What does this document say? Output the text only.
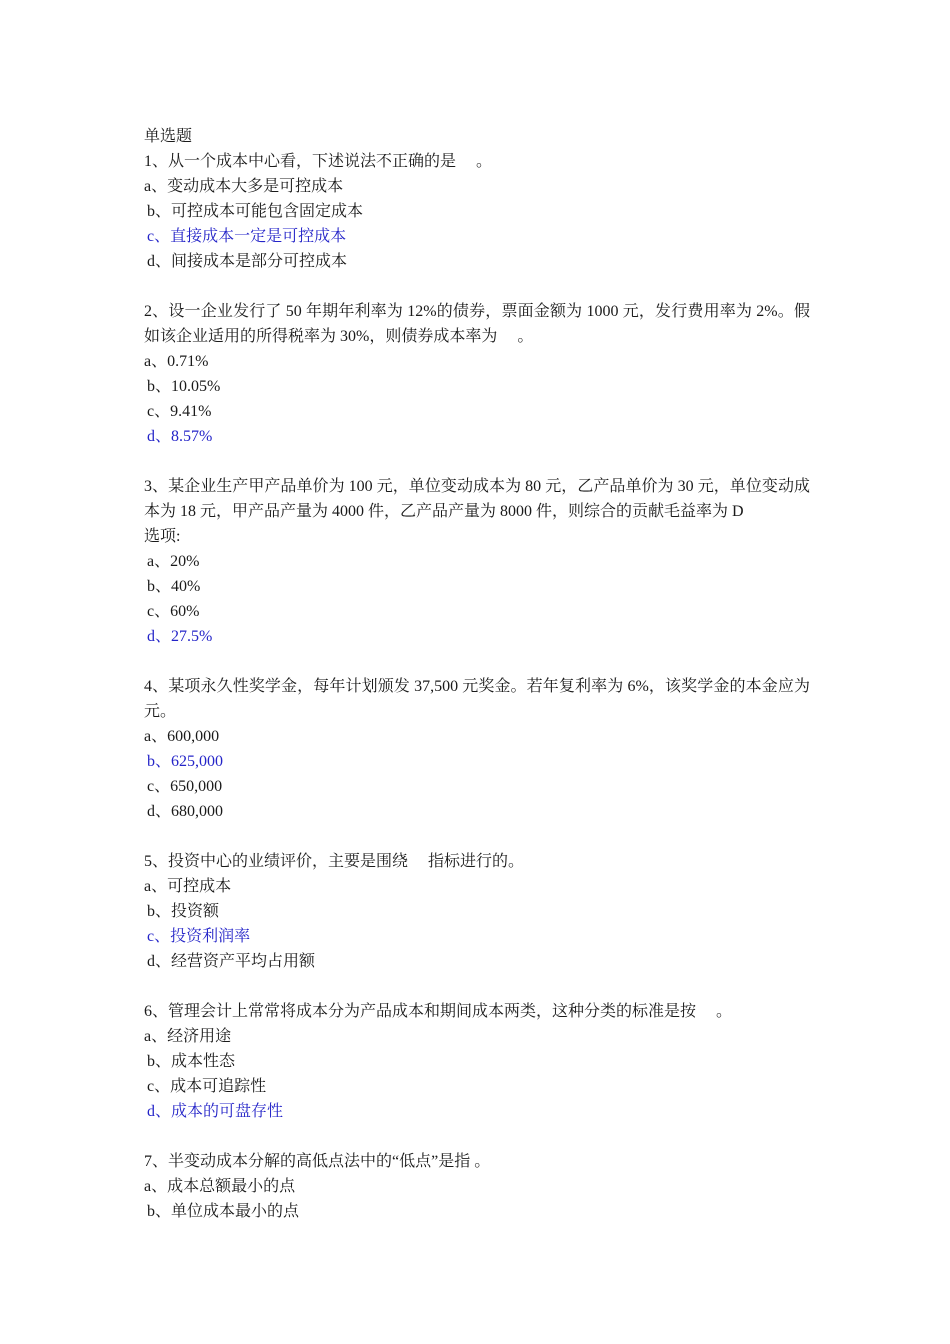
单选题
1、从一个成本中心看，下述说法不正确的是　 。
a、变动成本大多是可控成本
b、可控成本可能包含固定成本
c、直接成本一定是可控成本
d、间接成本是部分可控成本
2、设一企业发行了 50 年期年利率为 12%的债券，票面金额为 1000 元，发行费用率为 2%。假如该企业适用的所得税率为 30%，则债券成本率为　 。
a、0.71%
b、10.05%
c、9.41%
d、8.57%
3、某企业生产甲产品单价为 100 元，单位变动成本为 80 元，乙产品单价为 30 元，单位变动成本为 18 元，甲产品产量为 4000 件，乙产品产量为 8000 件，则综合的贡献毛益率为 D
选项:
a、20%
b、40%
c、60%
d、27.5%
4、某项永久性奖学金，每年计划颁发 37,500 元奖金。若年复利率为 6%，该奖学金的本金应为元。
a、600,000
b、625,000
c、650,000
d、680,000
5、投资中心的业绩评价，主要是围绕　 指标进行的。
a、可控成本
b、投资额
c、投资利润率
d、经营资产平均占用额
6、管理会计上常常将成本分为产品成本和期间成本两类，这种分类的标准是按　 。
a、经济用途
b、成本性态
c、成本可追踪性
d、成本的可盘存性
7、半变动成本分解的高低点法中的“低点”是指 。
a、成本总额最小的点
b、单位成本最小的点
